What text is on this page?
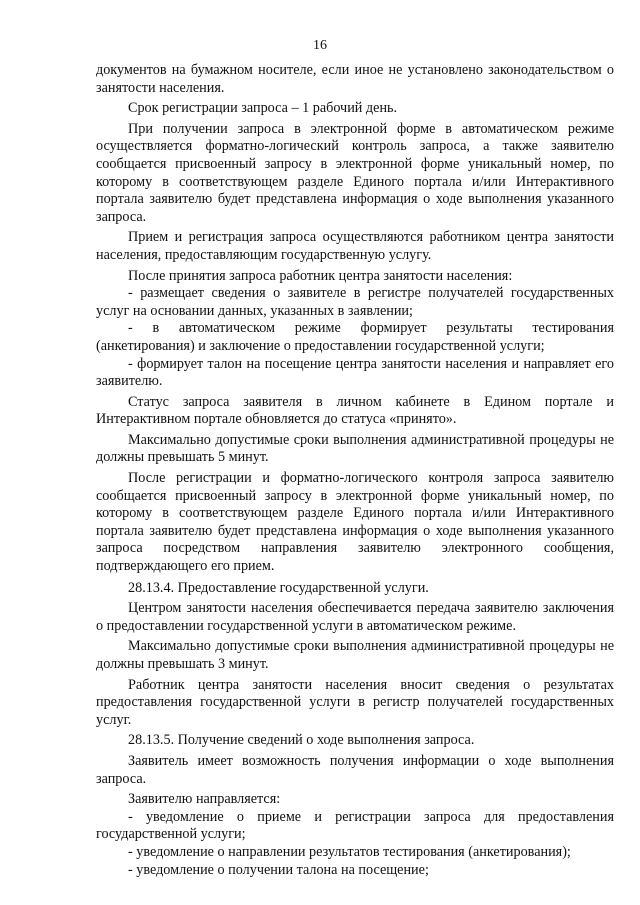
16

документов на бумажном носителе, если иное не установлено законодательством о занятости населения.

Срок регистрации запроса – 1 рабочий день.

При получении запроса в электронной форме в автоматическом режиме осуществляется форматно-логический контроль запроса, а также заявителю сообщается присвоенный запросу в электронной форме уникальный номер, по которому в соответствующем разделе Единого портала и/или Интерактивного портала заявителю будет представлена информация о ходе выполнения указанного запроса.

Прием и регистрация запроса осуществляются работником центра занятости населения, предоставляющим государственную услугу.

После принятия запроса работник центра занятости населения:

- размещает сведения о заявителе в регистре получателей государственных услуг на основании данных, указанных в заявлении;

- в автоматическом режиме формирует результаты тестирования (анкетирования) и заключение о предоставлении государственной услуги;

- формирует талон на посещение центра занятости населения и направляет его заявителю.

Статус запроса заявителя в личном кабинете в Едином портале и Интерактивном портале обновляется до статуса «принято».

Максимально допустимые сроки выполнения административной процедуры не должны превышать 5 минут.

После регистрации и форматно-логического контроля запроса заявителю сообщается присвоенный запросу в электронной форме уникальный номер, по которому в соответствующем разделе Единого портала и/или Интерактивного портала заявителю будет представлена информация о ходе выполнения указанного запроса посредством направления заявителю электронного сообщения, подтверждающего его прием.

28.13.4. Предоставление государственной услуги.

Центром занятости населения обеспечивается передача заявителю заключения о предоставлении государственной услуги в автоматическом режиме.

Максимально допустимые сроки выполнения административной процедуры не должны превышать 3 минут.

Работник центра занятости населения вносит сведения о результатах предоставления государственной услуги в регистр получателей государственных услуг.

28.13.5. Получение сведений о ходе выполнения запроса.

Заявитель имеет возможность получения информации о ходе выполнения запроса.

Заявителю направляется:

- уведомление о приеме и регистрации запроса для предоставления государственной услуги;

- уведомление о направлении результатов тестирования (анкетирования);

- уведомление о получении талона на посещение;
